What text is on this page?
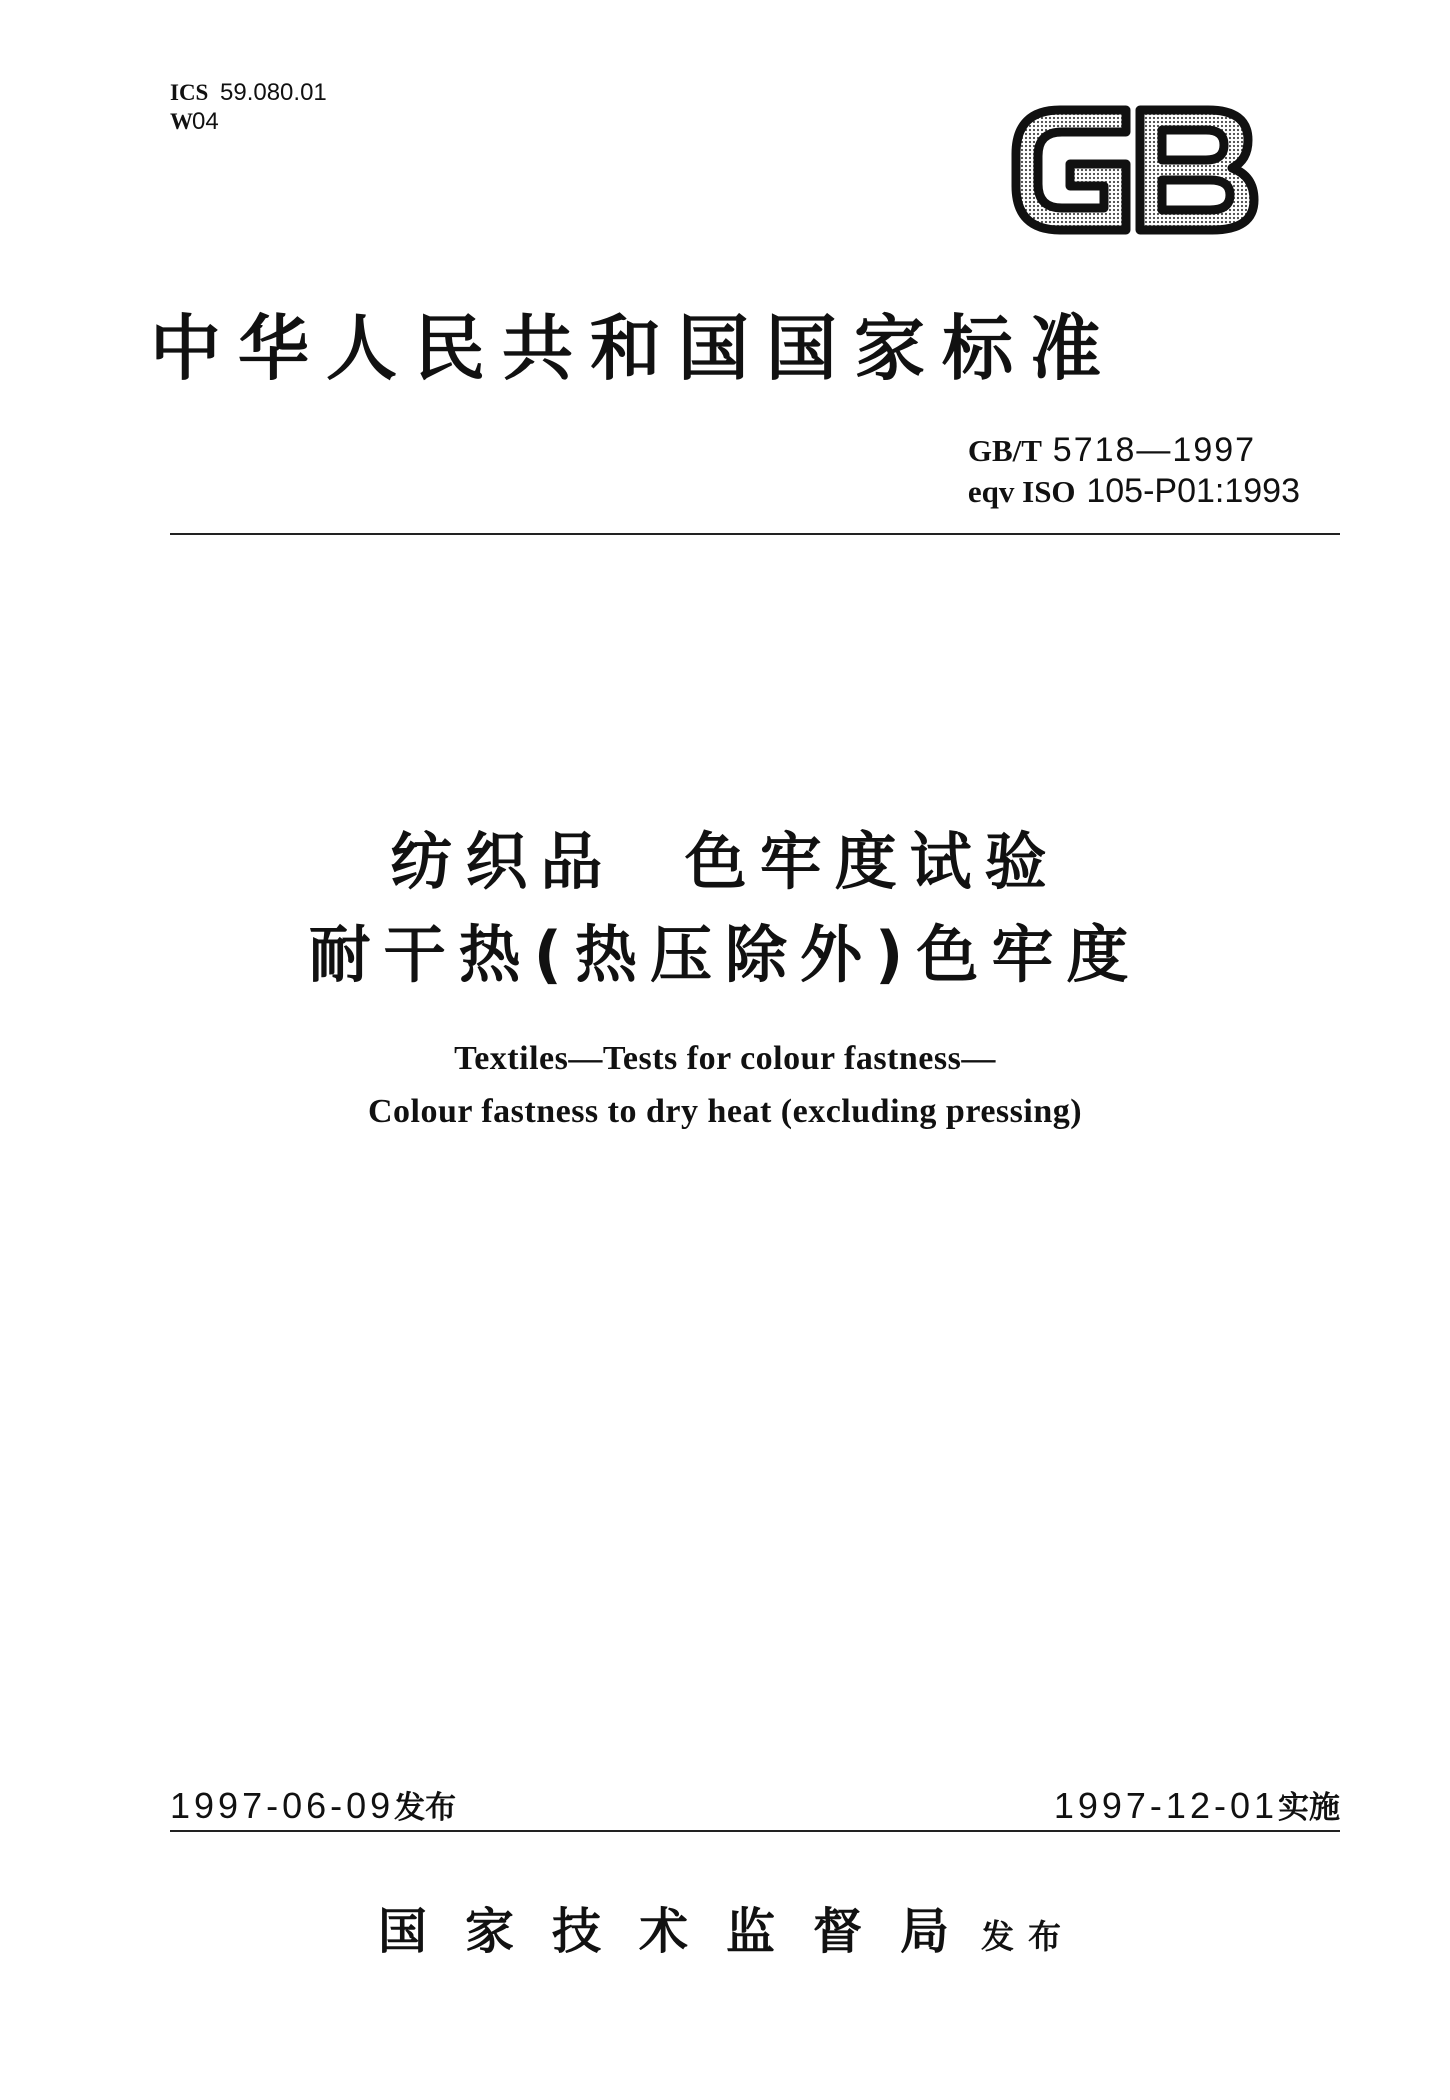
ICS 59.080.01
W04
中华人民共和国国家标准
GB/T 5718—1997
eqv ISO 105-P01:1993
纺织品  色牢度试验
耐干热(热压除外)色牢度
Textiles—Tests for colour fastness—
Colour fastness to dry heat (excluding pressing)
1997-06-09发布	1997-12-01实施
国家技术监督局发布
